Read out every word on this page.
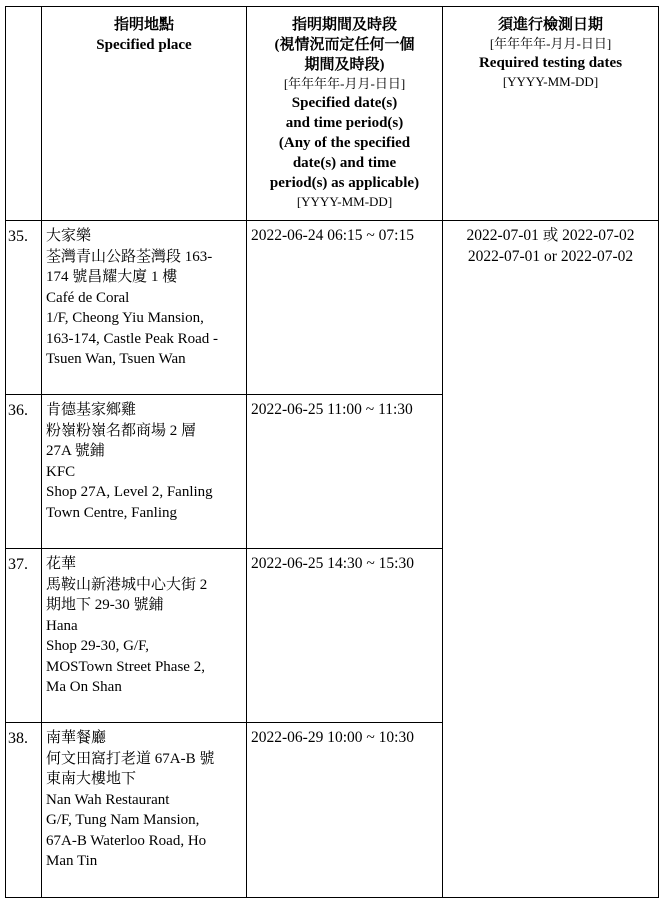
指明地點
Specified place
指明期間及時段
(視情況而定任何一個
期間及時段)
[年年年年-月月-日日]
Specified date(s)
and time period(s)
(Any of the specified
date(s) and time
period(s) as applicable)
[YYYY-MM-DD]
須進行檢測日期
[年年年年-月月-日日]
Required testing dates
[YYYY-MM-DD]
35. 大家樂
荃灣青山公路荃灣段 163-
174 號昌耀大廈 1 樓
Café de Coral
1/F, Cheong Yiu Mansion,
163-174, Castle Peak Road -
Tsuen Wan, Tsuen Wan
2022-06-24 06:15 ~ 07:15
36. 肯德基家鄉雞
粉嶺粉嶺名都商場 2 層
27A 號鋪
KFC
Shop 27A, Level 2, Fanling
Town Centre, Fanling
2022-06-25 11:00 ~ 11:30
37. 花華
馬鞍山新港城中心大街 2
期地下 29-30 號鋪
Hana
Shop 29-30, G/F,
MOSTown Street Phase 2,
Ma On Shan
2022-06-25 14:30 ~ 15:30
38. 南華餐廳
何文田窩打老道 67A-B 號
東南大樓地下
Nan Wah Restaurant
G/F, Tung Nam Mansion,
67A-B Waterloo Road, Ho
Man Tin
2022-06-29 10:00 ~ 10:30
2022-07-01 或 2022-07-02
2022-07-01 or 2022-07-02
